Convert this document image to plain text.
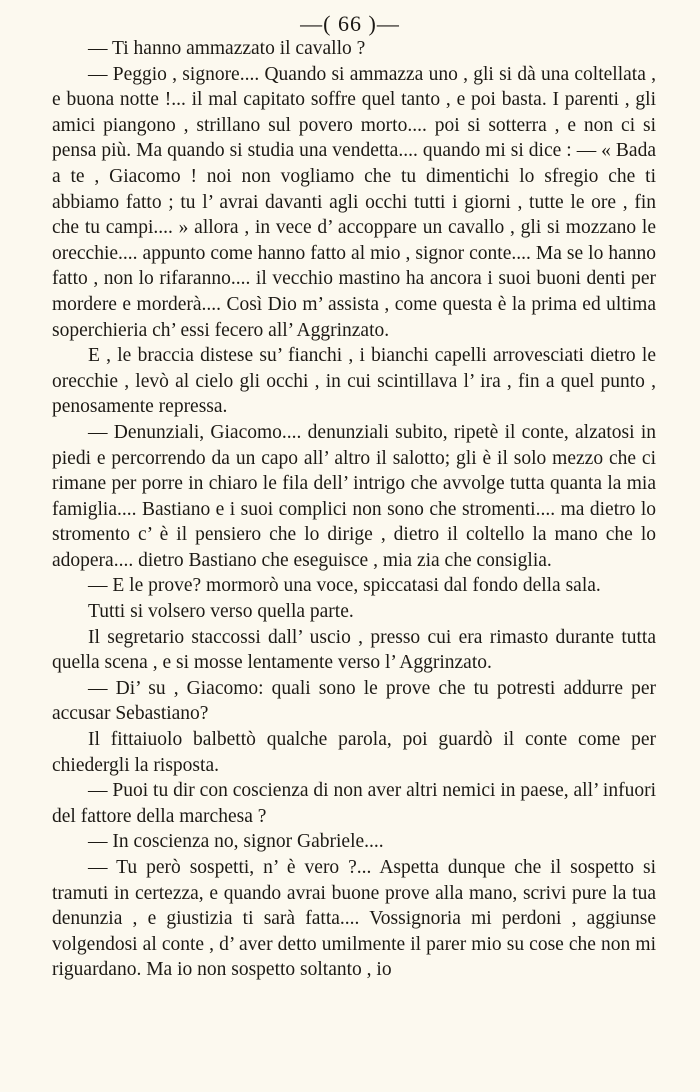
—( 66 )—

— Ti hanno ammazzato il cavallo ?

— Peggio , signore.... Quando si ammazza uno , gli si dà una coltellata , e buona notte !... il mal capitato soffre quel tanto , e poi basta. I parenti , gli amici piangono , strillano sul povero morto.... poi si sotterra , e non ci si pensa più. Ma quando si studia una vendetta.... quando mi si dice : — « Bada a te , Giacomo ! noi non vogliamo che tu dimentichi lo sfregio che ti abbiamo fatto ; tu l’ avrai davanti agli occhi tutti i giorni , tutte le ore , fin che tu campi.... » allora , in vece d’ accoppare un cavallo , gli si mozzano le orecchie.... appunto come hanno fatto al mio , signor conte.... Ma se lo hanno fatto , non lo rifaranno.... il vecchio mastino ha ancora i suoi buoni denti per mordere e morderà.... Così Dio m’ assista , come questa è la prima ed ultima soperchieria ch’ essi fecero all’ Aggrinzato.

E , le braccia distese su’ fianchi , i bianchi capelli arrovesciati dietro le orecchie , levò al cielo gli occhi , in cui scintillava l’ ira , fin a quel punto , penosamente repressa.

— Denunziali, Giacomo.... denunziali subito, ripetè il conte, alzatosi in piedi e percorrendo da un capo all’ altro il salotto; gli è il solo mezzo che ci rimane per porre in chiaro le fila dell’ intrigo che avvolge tutta quanta la mia famiglia.... Bastiano e i suoi complici non sono che stromenti.... ma dietro lo stromento c’ è il pensiero che lo dirige , dietro il coltello la mano che lo adopera.... dietro Bastiano che eseguisce , mia zia che consiglia.

— E le prove? mormorò una voce, spiccatasi dal fondo della sala.

Tutti si volsero verso quella parte.

Il segretario staccossi dall’ uscio , presso cui era rimasto durante tutta quella scena , e si mosse lentamente verso l’ Aggrinzato.

— Di’ su , Giacomo: quali sono le prove che tu potresti addurre per accusar Sebastiano?

Il fittaiuolo balbettò qualche parola, poi guardò il conte come per chiedergli la risposta.

— Puoi tu dir con coscienza di non aver altri nemici in paese, all’ infuori del fattore della marchesa ?

— In coscienza no, signor Gabriele....

— Tu però sospetti, n’ è vero ?... Aspetta dunque che il sospetto si tramuti in certezza, e quando avrai buone prove alla mano, scrivi pure la tua denunzia , e giustizia ti sarà fatta.... Vossignoria mi perdoni , aggiunse volgendosi al conte , d’ aver detto umilmente il parer mio su cose che non mi riguardano. Ma io non sospetto soltanto , io
